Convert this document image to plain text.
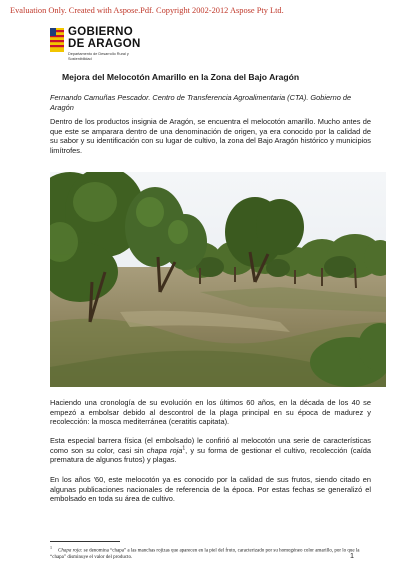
Evaluation Only. Created with Aspose.Pdf. Copyright 2002-2012 Aspose Pty Ltd.
GOBIERNO
DE ARAGON
Departamento de Desarrollo Rural y Sostenibilidad
Mejora del Melocotón Amarillo en la Zona del Bajo Aragón
Fernando Camuñas Pescador. Centro de Transferencia Agroalimentaria (CTA). Gobierno de Aragón
Dentro de los productos insignia de Aragón, se encuentra el melocotón amarillo. Mucho antes de que este se amparara dentro de una denominación de origen, ya era conocido por la calidad de su sabor y su identificación con su lugar de cultivo, la zona del Bajo Aragón histórico y municipios limítrofes.
Haciendo una cronología de su evolución en los últimos 60 años, en la década de los 40 se empezó a embolsar debido al descontrol de la plaga principal en su época de madurez y recolección: la mosca mediterránea (ceratitis capitata).
Esta especial barrera física (el embolsado) le confirió al melocotón una serie de características como son su color, casi sin chapa roja$^1$, y su forma de gestionar el cultivo, recolección (caída prematura de algunos frutos) y plagas.
En los años '60, este melocotón ya es conocido por la calidad de sus frutos, siendo citado en algunas publicaciones nacionales de referencia de la época. Por estas fechas se generalizó el embolsado en toda su área de cultivo.
$^1$Chapa roja: se denomina “chapa” a las manchas rojizas que aparecen en la piel del fruto, caracterizado por su homogéneo color amarillo, por lo que la “chapa” disminuye el valor del producto.	1
